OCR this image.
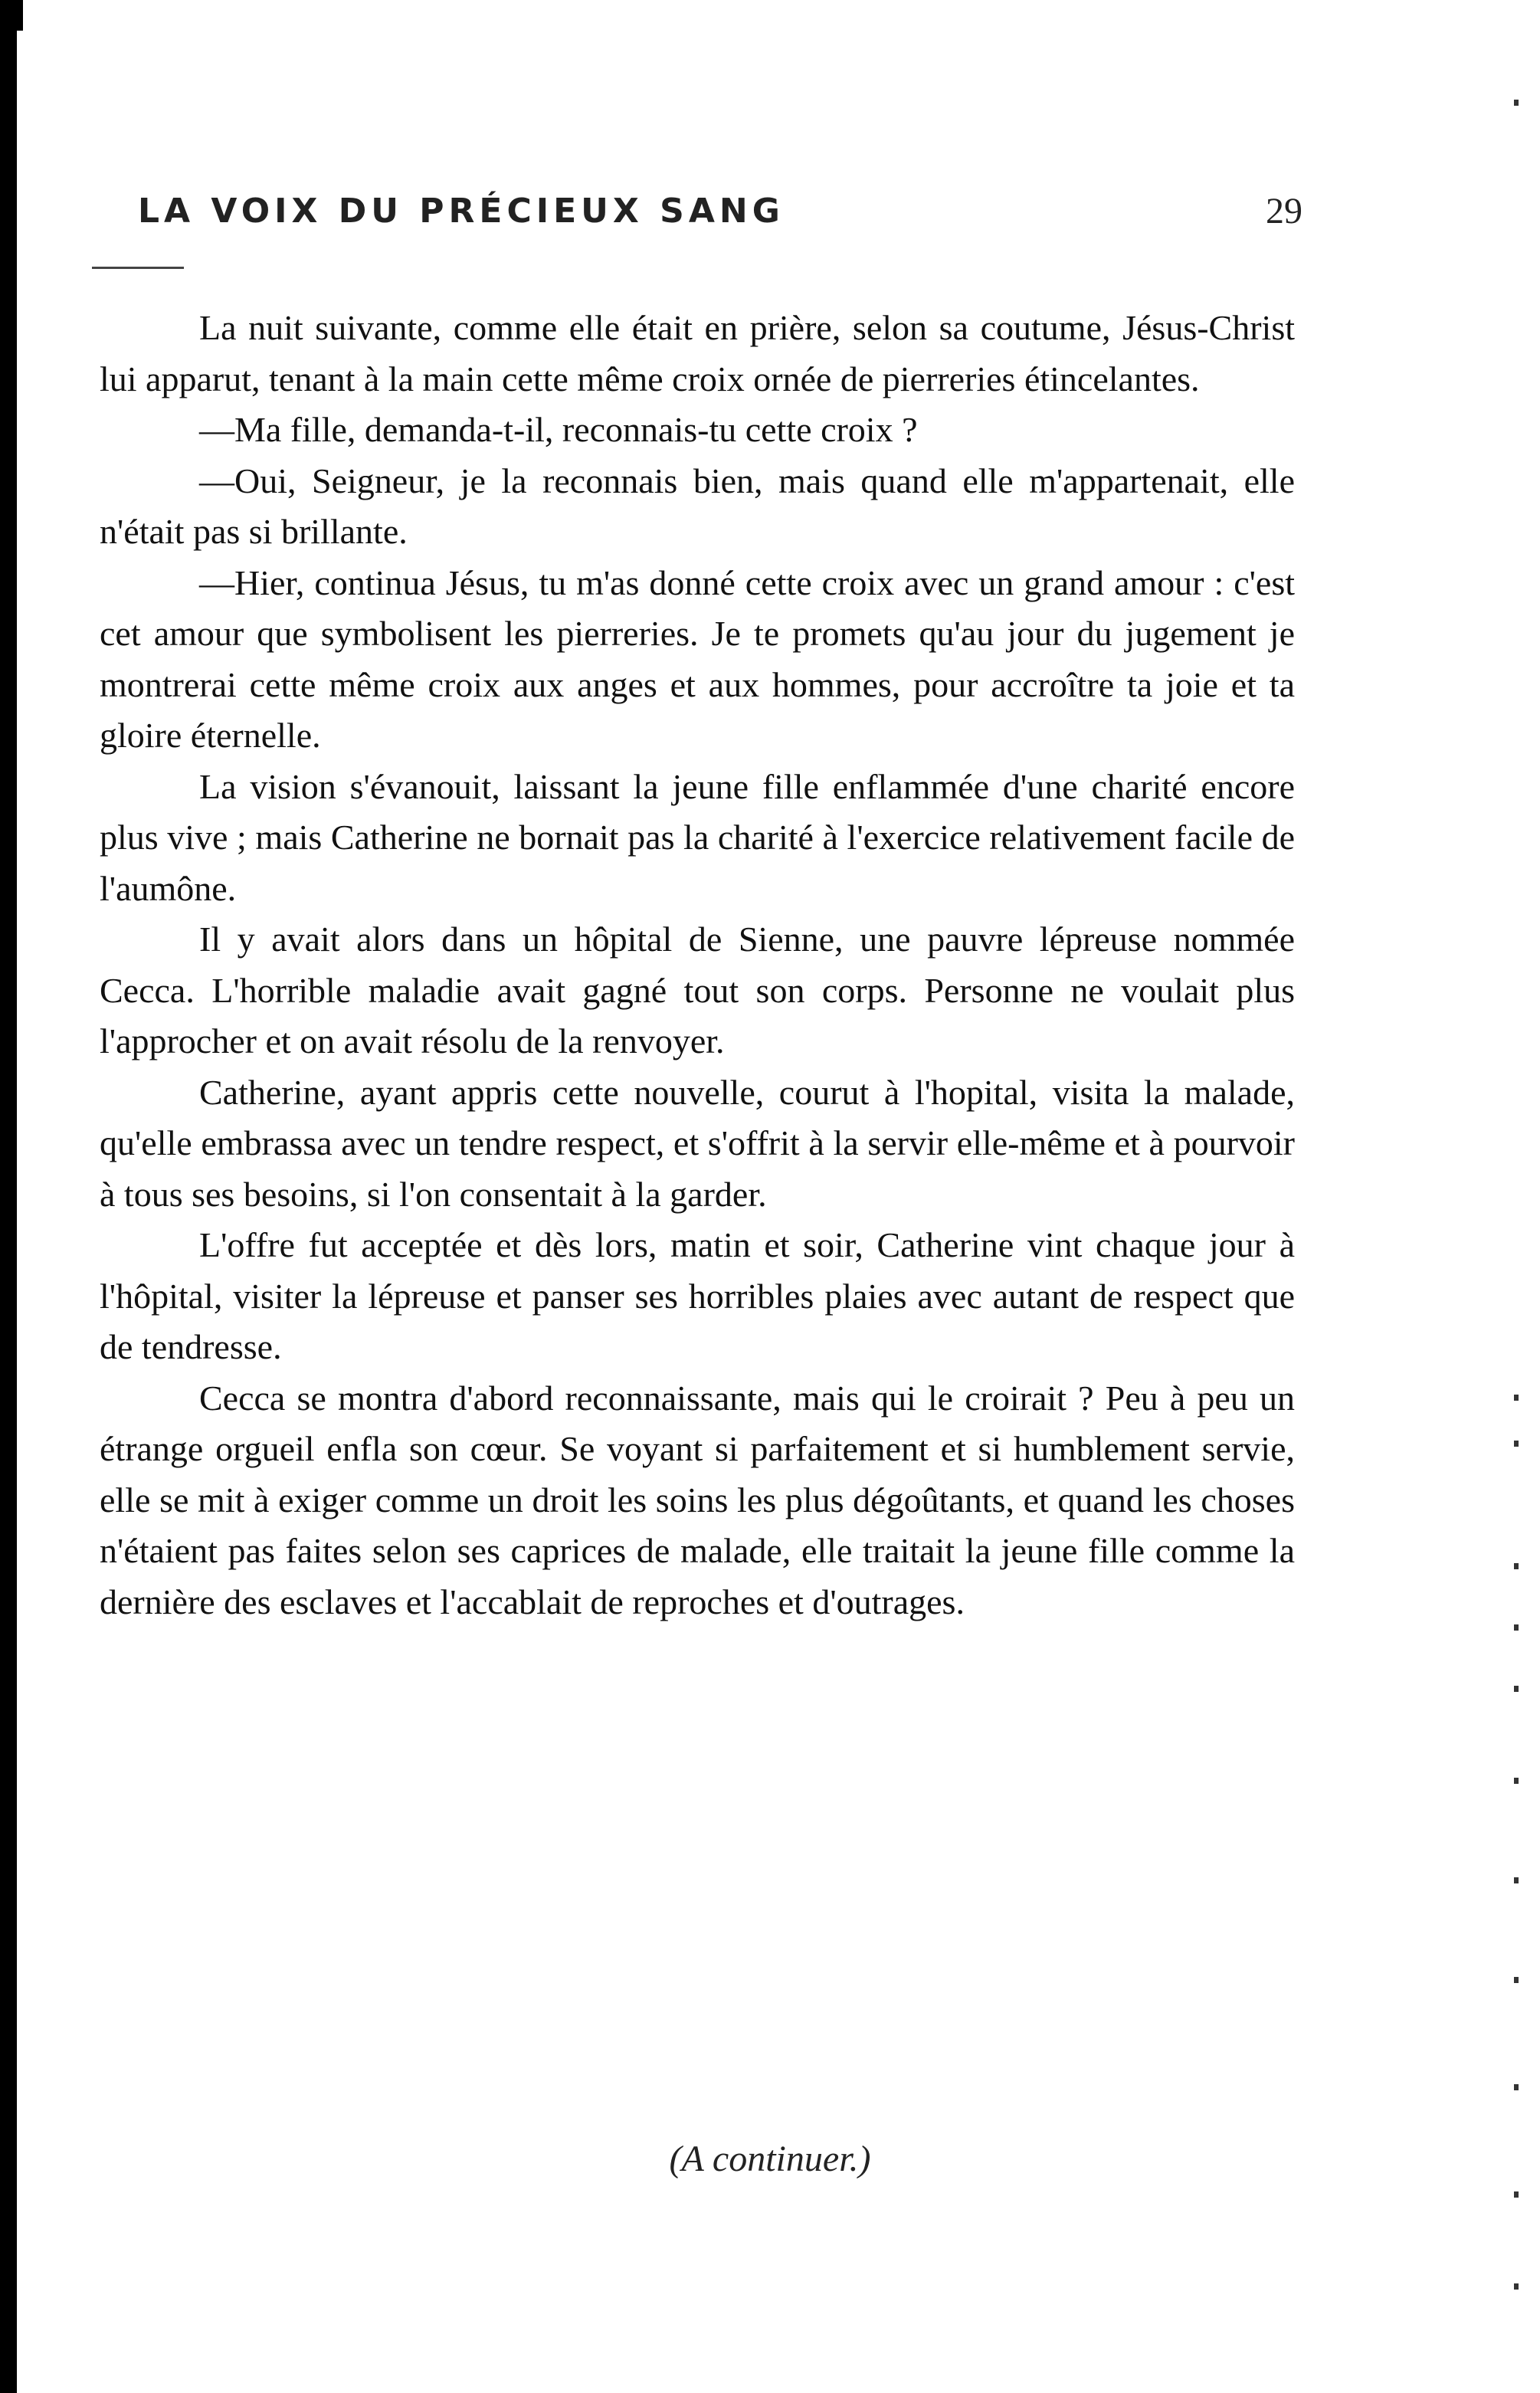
LA VOIX DU PRÉCIEUX SANG	29

La nuit suivante, comme elle était en prière, selon sa coutume, Jésus-Christ lui apparut, tenant à la main cette même croix ornée de pierreries étincelantes.

—Ma fille, demanda-t-il, reconnais-tu cette croix ?

—Oui, Seigneur, je la reconnais bien, mais quand elle m'appartenait, elle n'était pas si brillante.

—Hier, continua Jésus, tu m'as donné cette croix avec un grand amour : c'est cet amour que symbolisent les pierreries. Je te promets qu'au jour du jugement je montrerai cette même croix aux anges et aux hommes, pour accroître ta joie et ta gloire éternelle.

La vision s'évanouit, laissant la jeune fille enflammée d'une charité encore plus vive ; mais Catherine ne bornait pas la charité à l'exercice relativement facile de l'aumône.

Il y avait alors dans un hôpital de Sienne, une pauvre lépreuse nommée Cecca. L'horrible maladie avait gagné tout son corps. Personne ne voulait plus l'approcher et on avait résolu de la renvoyer.

Catherine, ayant appris cette nouvelle, courut à l'hopital, visita la malade, qu'elle embrassa avec un tendre respect, et s'offrit à la servir elle-même et à pourvoir à tous ses besoins, si l'on consentait à la garder.

L'offre fut acceptée et dès lors, matin et soir, Catherine vint chaque jour à l'hôpital, visiter la lépreuse et panser ses horribles plaies avec autant de respect que de tendresse.

Cecca se montra d'abord reconnaissante, mais qui le croirait ? Peu à peu un étrange orgueil enfla son cœur. Se voyant si parfaitement et si humblement servie, elle se mit à exiger comme un droit les soins les plus dégoûtants, et quand les choses n'étaient pas faites selon ses caprices de malade, elle traitait la jeune fille comme la dernière des esclaves et l'accablait de reproches et d'outrages.

(A continuer.)
